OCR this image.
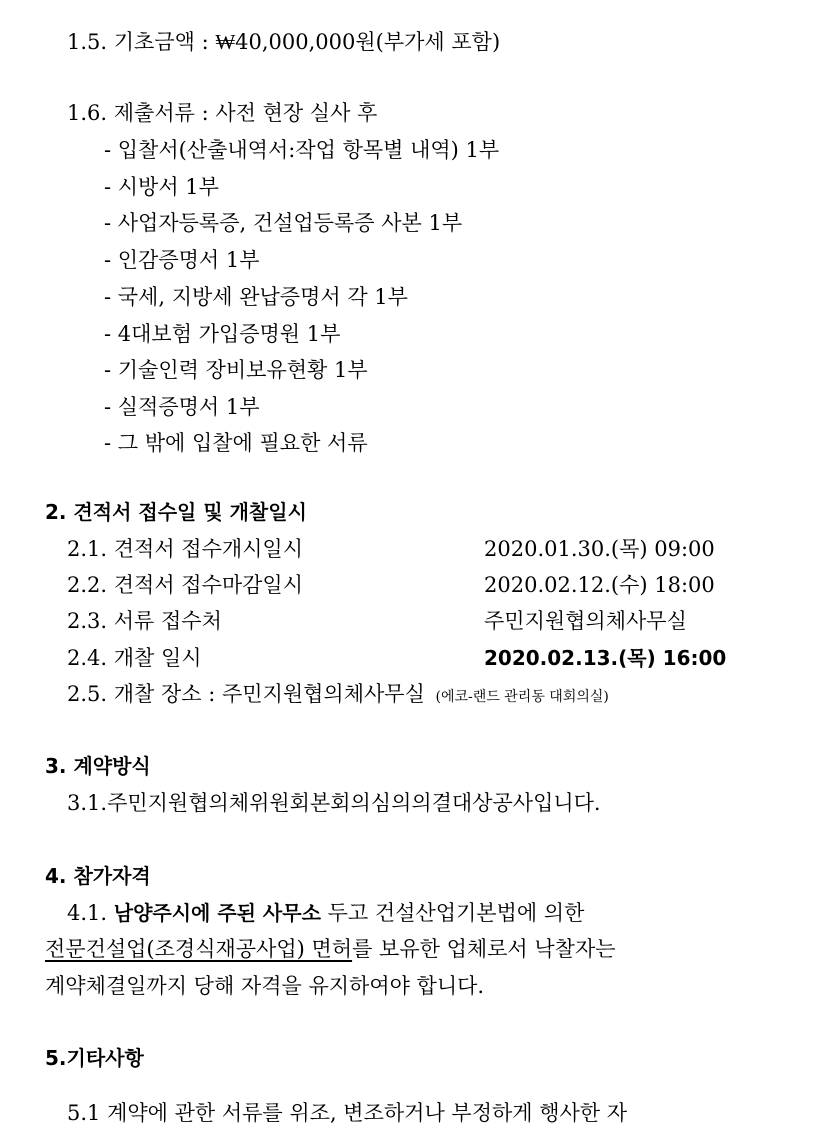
1.5. 기초금액 : ₩40,000,000원(부가세 포함)
1.6. 제출서류 : 사전 현장 실사 후
- 입찰서(산출내역서:작업 항목별 내역) 1부
- 시방서 1부
- 사업자등록증, 건설업등록증 사본 1부
- 인감증명서 1부
- 국세, 지방세 완납증명서 각 1부
- 4대보험 가입증명원 1부
- 기술인력 장비보유현황 1부
- 실적증명서 1부
- 그 밖에 입찰에 필요한 서류
2. 견적서 접수일 및 개찰일시
2.1. 견적서 접수개시일시	2020.01.30.(목) 09:00
2.2. 견적서 접수마감일시	2020.02.12.(수) 18:00
2.3. 서류 접수처	주민지원협의체사무실
2.4. 개찰 일시	2020.02.13.(목) 16:00
2.5. 개찰 장소 : 주민지원협의체사무실 (에코-랜드 관리동 대회의실)
3. 계약방식
3.1.주민지원협의체위원회본회의심의의결대상공사입니다.
4. 참가자격
4.1. 남양주시에 주된 사무소 두고 건설산업기본법에 의한
전문건설업(조경식재공사업) 면허를 보유한 업체로서 낙찰자는
계약체결일까지 당해 자격을 유지하여야 합니다.
5.기타사항
5.1 계약에 관한 서류를 위조, 변조하거나 부정하게 행사한 자
